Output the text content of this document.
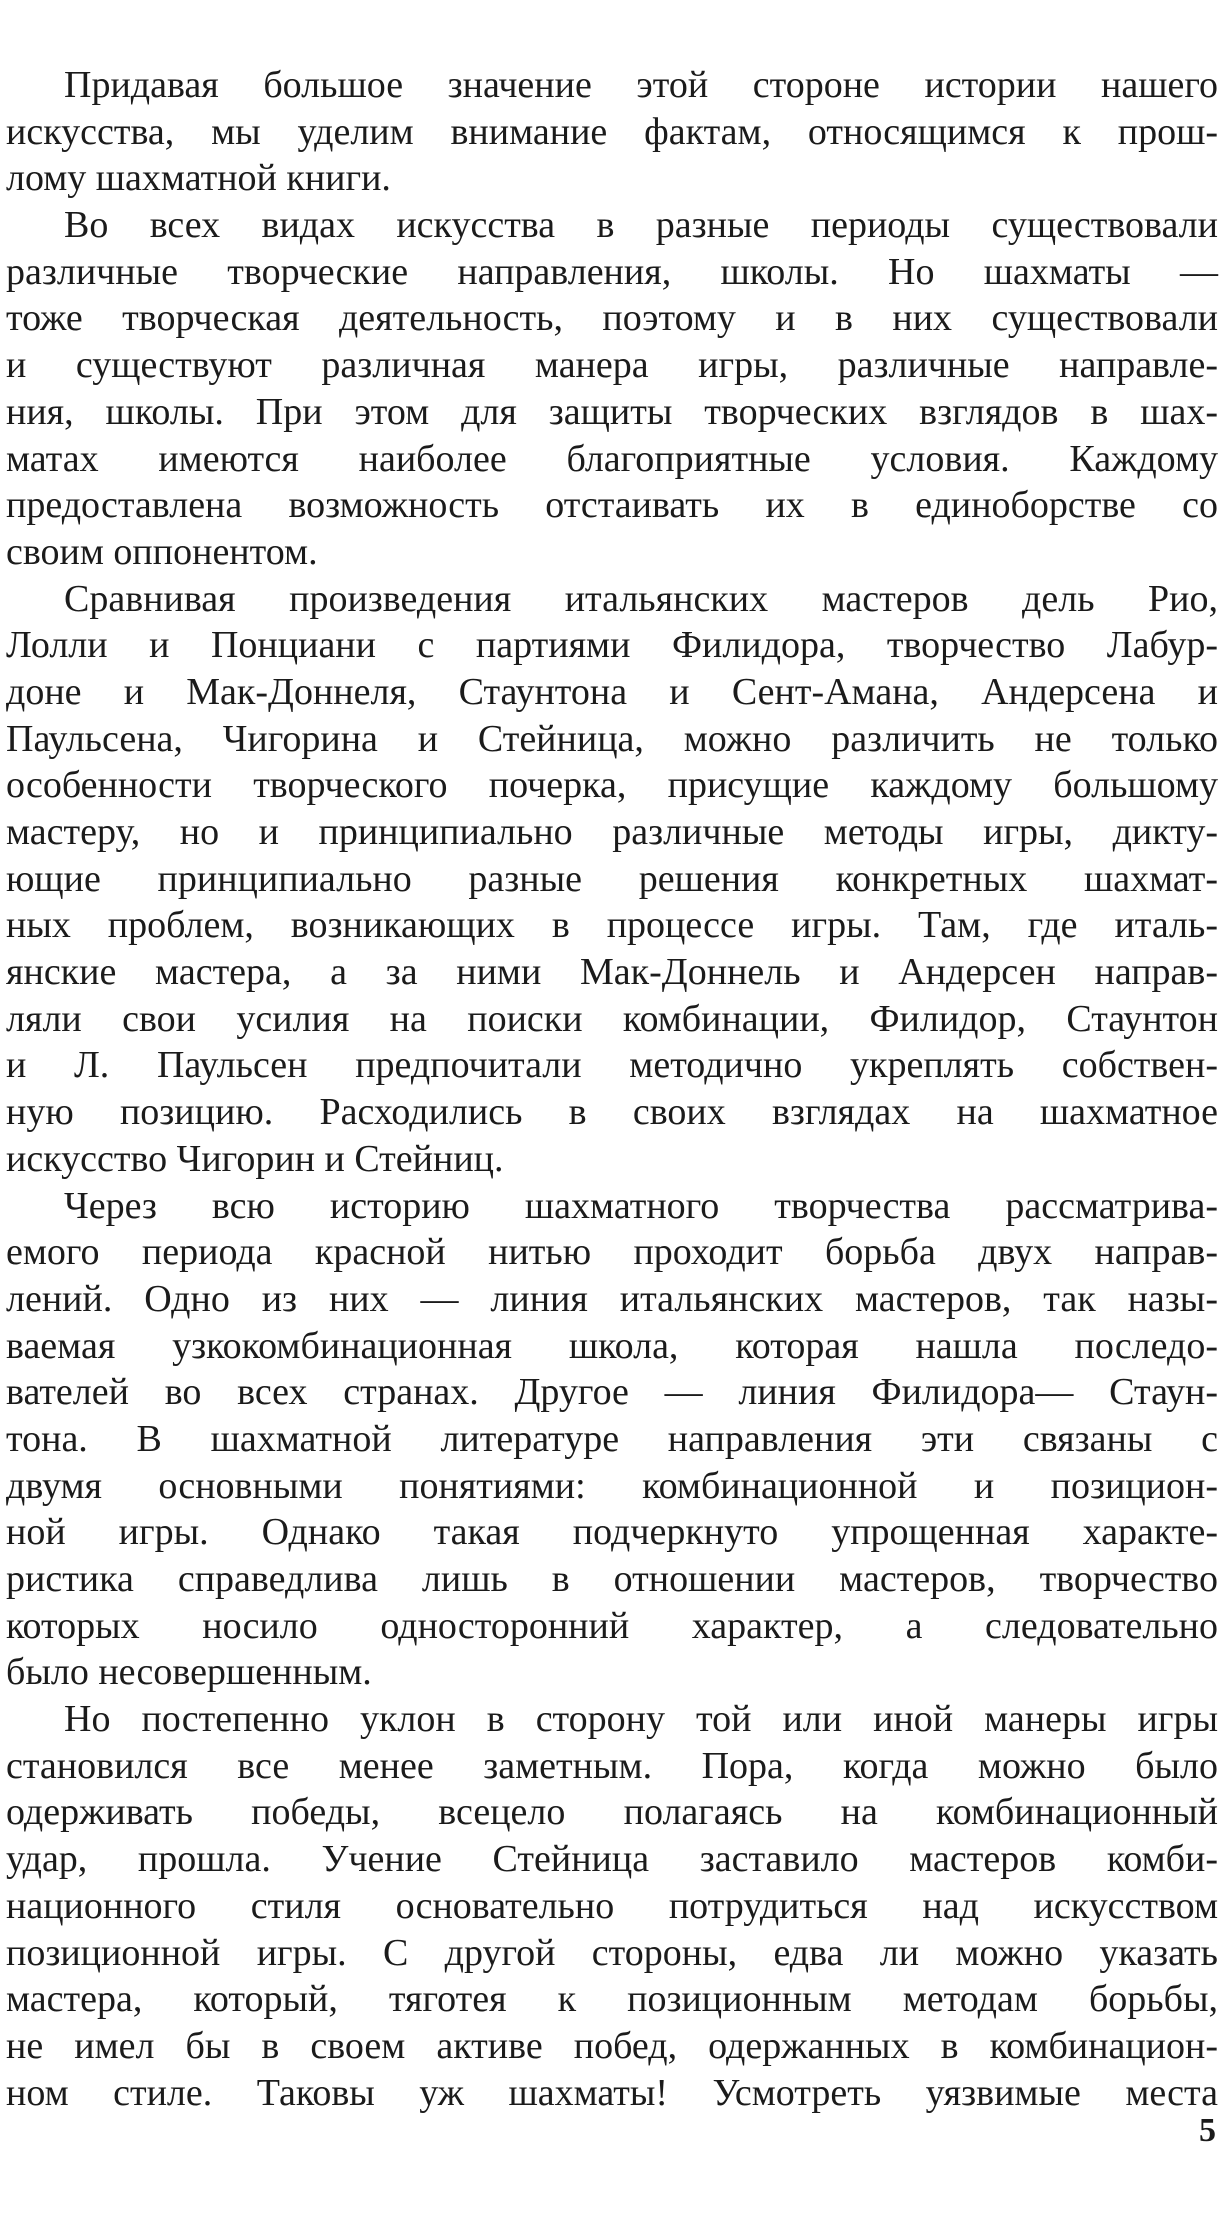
Придавая большое значение этой стороне истории нашего
искусства, мы уделим внимание фактам, относящимся к прош-
лому шахматной книги.
Во всех видах искусства в разные периоды существовали
различные творческие направления, школы. Но шахматы —
тоже творческая деятельность, поэтому и в них существовали
и существуют различная манера игры, различные направле-
ния, школы. При этом для защиты творческих взглядов в шах-
матах имеются наиболее благоприятные условия. Каждому
предоставлена возможность отстаивать их в единоборстве со
своим оппонентом.
Сравнивая произведения итальянских мастеров дель Рио,
Лолли и Понциани с партиями Филидора, творчество Лабур-
доне и Мак-Доннеля, Стаунтона и Сент-Амана, Андерсена и
Паульсена, Чигорина и Стейница, можно различить не только
особенности творческого почерка, присущие каждому большому
мастеру, но и принципиально различные методы игры, дикту-
ющие принципиально разные решения конкретных шахмат-
ных проблем, возникающих в процессе игры. Там, где италь-
янские мастера, а за ними Мак-Доннель и Андерсен направ-
ляли свои усилия на поиски комбинации, Филидор, Стаунтон
и Л. Паульсен предпочитали методично укреплять собствен-
ную позицию. Расходились в своих взглядах на шахматное
искусство Чигорин и Стейниц.
Через всю историю шахматного творчества рассматрива-
емого периода красной нитью проходит борьба двух направ-
лений. Одно из них — линия итальянских мастеров, так назы-
ваемая узкокомбинационная школа, которая нашла последо-
вателей во всех странах. Другое — линия Филидора— Стаун-
тона. В шахматной литературе направления эти связаны с
двумя основными понятиями: комбинационной и позицион-
ной игры. Однако такая подчеркнуто упрощенная характе-
ристика справедлива лишь в отношении мастеров, творчество
которых носило односторонний характер, а следовательно
было несовершенным.
Но постепенно уклон в сторону той или иной манеры игры
становился все менее заметным. Пора, когда можно было
одерживать победы, всецело полагаясь на комбинационный
удар, прошла. Учение Стейница заставило мастеров комби-
национного стиля основательно потрудиться над искусством
позиционной игры. С другой стороны, едва ли можно указать
мастера, который, тяготея к позиционным методам борьбы,
не имел бы в своем активе побед, одержанных в комбинацион-
ном стиле. Таковы уж шахматы! Усмотреть уязвимые места
5
